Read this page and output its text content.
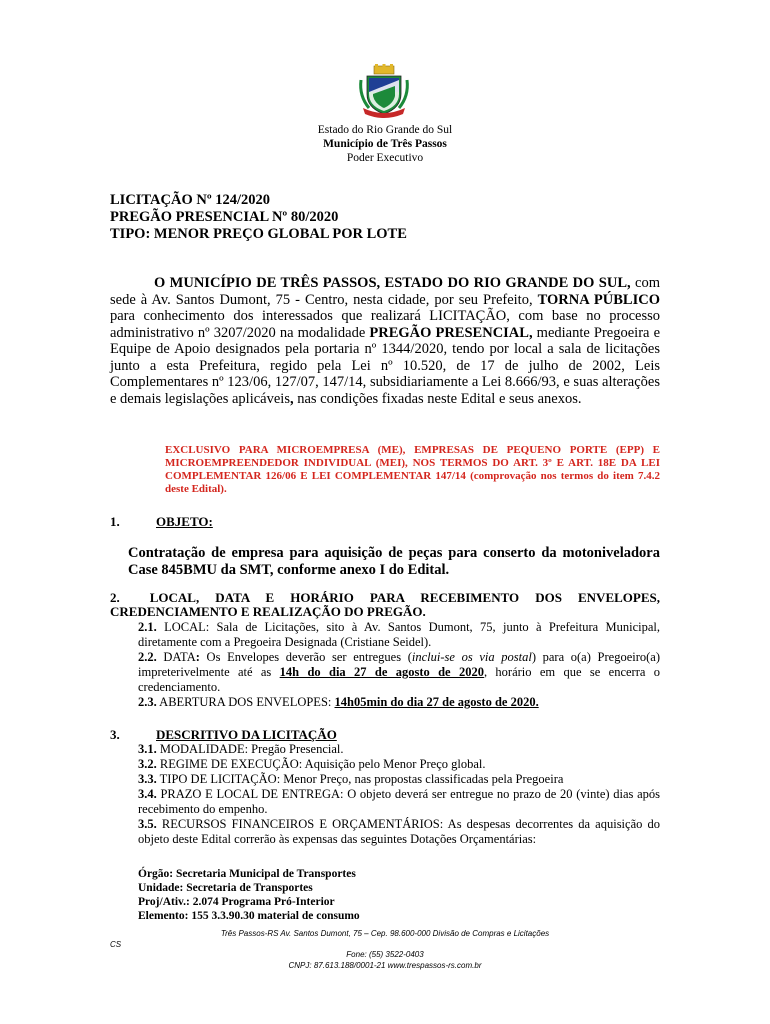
Estado do Rio Grande do Sul
Município de Três Passos
Poder Executivo
LICITAÇÃO Nº 124/2020
PREGÃO PRESENCIAL Nº 80/2020
TIPO: MENOR PREÇO GLOBAL POR LOTE

O MUNICÍPIO DE TRÊS PASSOS, ESTADO DO RIO GRANDE DO SUL, com sede à Av. Santos Dumont, 75 - Centro, nesta cidade, por seu Prefeito, TORNA PÚBLICO para conhecimento dos interessados que realizará LICITAÇÃO, com base no processo administrativo nº 3207/2020 na modalidade PREGÃO PRESENCIAL, mediante Pregoeira e Equipe de Apoio designados pela portaria nº 1344/2020, tendo por local a sala de licitações junto a esta Prefeitura, regido pela Lei nº 10.520, de 17 de julho de 2002, Leis Complementares nº 123/06, 127/07, 147/14, subsidiariamente a Lei 8.666/93, e suas alterações e demais legislações aplicáveis, nas condições fixadas neste Edital e seus anexos.

EXCLUSIVO PARA MICROEMPRESA (ME), EMPRESAS DE PEQUENO PORTE (EPP) E MICROEMPREENDEDOR INDIVIDUAL (MEI), NOS TERMOS DO ART. 3º E ART. 18E DA LEI COMPLEMENTAR 126/06 E LEI COMPLEMENTAR 147/14 (comprovação nos termos do item 7.4.2 deste Edital).
1.	OBJETO:
Contratação de empresa para aquisição de peças para conserto da motoniveladora Case 845BMU da SMT, conforme anexo I do Edital.
2. LOCAL, DATA E HORÁRIO PARA RECEBIMENTO DOS ENVELOPES, CREDENCIAMENTO E REALIZAÇÃO DO PREGÃO.
2.1. LOCAL: Sala de Licitações, sito à Av. Santos Dumont, 75, junto à Prefeitura Municipal, diretamente com a Pregoeira Designada (Cristiane Seidel).
2.2. DATA: Os Envelopes deverão ser entregues (inclui-se os via postal) para o(a) Pregoeiro(a) impreterivelmente até as 14h do dia 27 de agosto de 2020, horário em que se encerra o credenciamento.
2.3. ABERTURA DOS ENVELOPES: 14h05min do dia 27 de agosto de 2020.
3.	DESCRITIVO DA LICITAÇÃO
3.1. MODALIDADE: Pregão Presencial.
3.2. REGIME DE EXECUÇÃO: Aquisição pelo Menor Preço global.
3.3. TIPO DE LICITAÇÃO: Menor Preço, nas propostas classificadas pela Pregoeira
3.4. PRAZO E LOCAL DE ENTREGA: O objeto deverá ser entregue no prazo de 20 (vinte) dias após recebimento do empenho.
3.5. RECURSOS FINANCEIROS E ORÇAMENTÁRIOS: As despesas decorrentes da aquisição do objeto deste Edital correrão às expensas das seguintes Dotações Orçamentárias:
Órgão: Secretaria Municipal de Transportes
Unidade: Secretaria de Transportes
Proj/Ativ.: 2.074 Programa Pró-Interior
Elemento: 155 3.3.90.30 material de consumo
Três Passos-RS Av. Santos Dumont, 75 – Cep. 98.600-000 Divisão de Compras e Licitações
CS
Fone: (55) 3522-0403
CNPJ: 87.613.188/0001-21 www.trespassos-rs.com.br
